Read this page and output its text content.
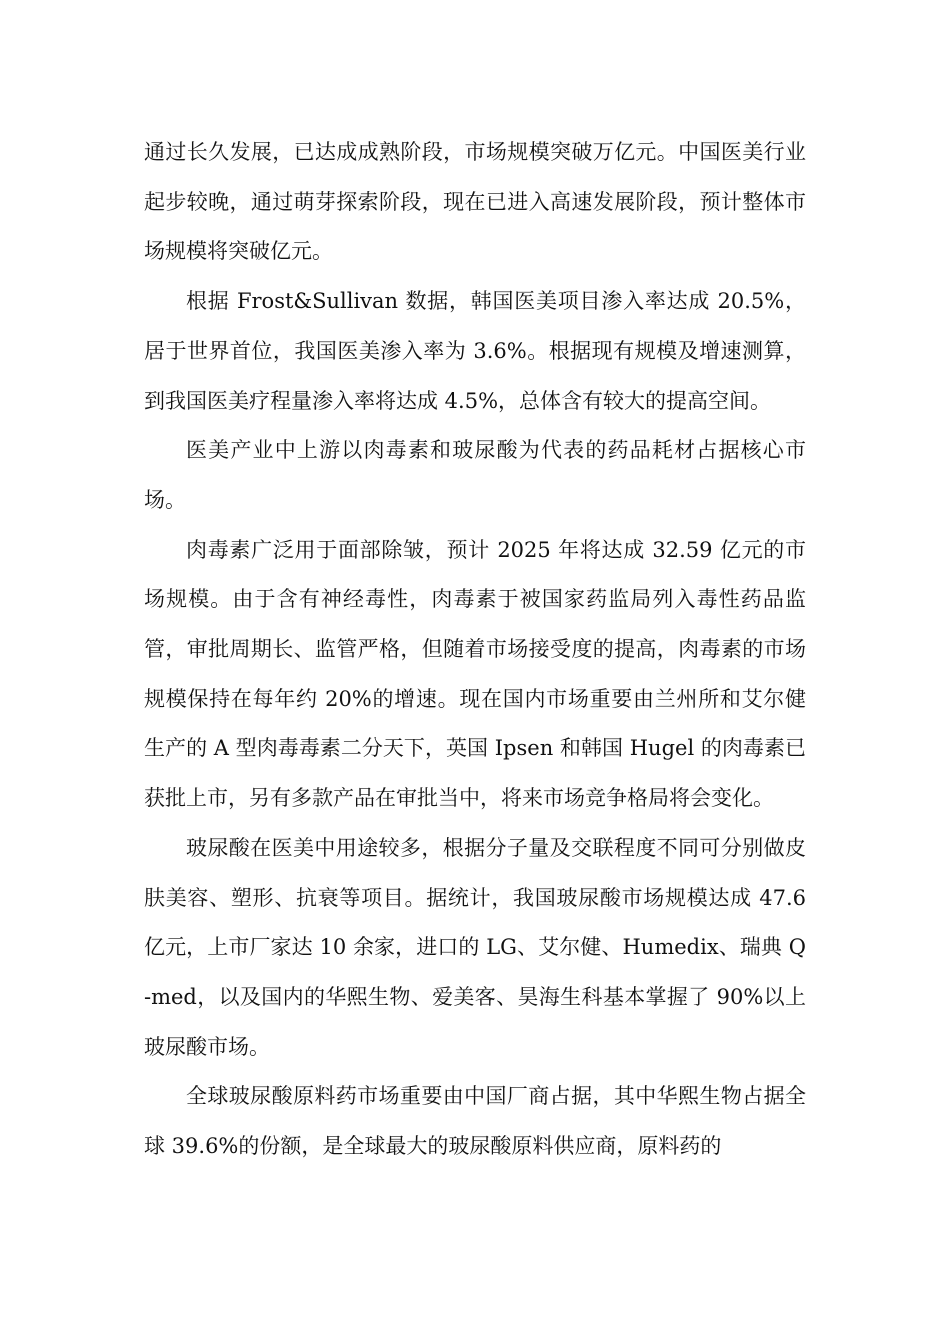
通过长久发展，已达成成熟阶段，市场规模突破万亿元。中国医美行业起步较晚，通过萌芽探索阶段，现在已进入高速发展阶段，预计整体市场规模将突破亿元。

根据 Frost&Sullivan 数据，韩国医美项目渗入率达成 20.5%，居于世界首位，我国医美渗入率为 3.6%。根据现有规模及增速测算，到我国医美疗程量渗入率将达成 4.5%，总体含有较大的提高空间。

医美产业中上游以肉毒素和玻尿酸为代表的药品耗材占据核心市场。

肉毒素广泛用于面部除皱，预计 2025 年将达成 32.59 亿元的市场规模。由于含有神经毒性，肉毒素于被国家药监局列入毒性药品监管，审批周期长、监管严格，但随着市场接受度的提高，肉毒素的市场规模保持在每年约 20%的增速。现在国内市场重要由兰州所和艾尔健生产的 A 型肉毒毒素二分天下，英国 Ipsen 和韩国 Hugel 的肉毒素已获批上市，另有多款产品在审批当中，将来市场竞争格局将会变化。

玻尿酸在医美中用途较多，根据分子量及交联程度不同可分别做皮肤美容、塑形、抗衰等项目。据统计，我国玻尿酸市场规模达成 47.6 亿元，上市厂家达 10 余家，进口的 LG、艾尔健、Humedix、瑞典 Q-med，以及国内的华熙生物、爱美客、昊海生科基本掌握了 90%以上玻尿酸市场。

全球玻尿酸原料药市场重要由中国厂商占据，其中华熙生物占据全球 39.6%的份额，是全球最大的玻尿酸原料供应商，原料药的
